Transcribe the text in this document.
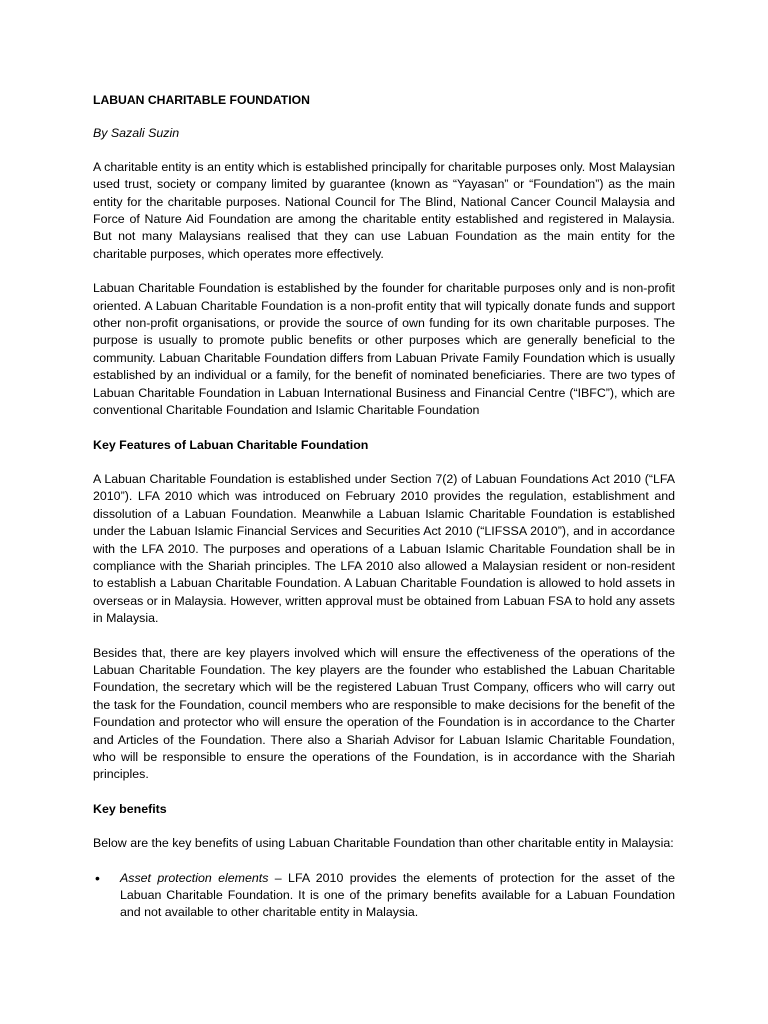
LABUAN CHARITABLE FOUNDATION
By Sazali Suzin

A charitable entity is an entity which is established principally for charitable purposes only. Most Malaysian used trust, society or company limited by guarantee (known as “Yayasan” or “Foundation”) as the main entity for the charitable purposes. National Council for The Blind, National Cancer Council Malaysia and Force of Nature Aid Foundation are among the charitable entity established and registered in Malaysia. But not many Malaysians realised that they can use Labuan Foundation as the main entity for the charitable purposes, which operates more effectively.

Labuan Charitable Foundation is established by the founder for charitable purposes only and is non-profit oriented. A Labuan Charitable Foundation is a non-profit entity that will typically donate funds and support other non-profit organisations, or provide the source of own funding for its own charitable purposes. The purpose is usually to promote public benefits or other purposes which are generally beneficial to the community. Labuan Charitable Foundation differs from Labuan Private Family Foundation which is usually established by an individual or a family, for the benefit of nominated beneficiaries. There are two types of Labuan Charitable Foundation in Labuan International Business and Financial Centre (“IBFC”), which are conventional Charitable Foundation and Islamic Charitable Foundation

Key Features of Labuan Charitable Foundation

A Labuan Charitable Foundation is established under Section 7(2) of Labuan Foundations Act 2010 (“LFA 2010”). LFA 2010 which was introduced on February 2010 provides the regulation, establishment and dissolution of a Labuan Foundation. Meanwhile a Labuan Islamic Charitable Foundation is established under the Labuan Islamic Financial Services and Securities Act 2010 (“LIFSSA 2010”), and in accordance with the LFA 2010. The purposes and operations of a Labuan Islamic Charitable Foundation shall be in compliance with the Shariah principles. The LFA 2010 also allowed a Malaysian resident or non-resident to establish a Labuan Charitable Foundation. A Labuan Charitable Foundation is allowed to hold assets in overseas or in Malaysia. However, written approval must be obtained from Labuan FSA to hold any assets in Malaysia.

Besides that, there are key players involved which will ensure the effectiveness of the operations of the Labuan Charitable Foundation. The key players are the founder who established the Labuan Charitable Foundation, the secretary which will be the registered Labuan Trust Company, officers who will carry out the task for the Foundation, council members who are responsible to make decisions for the benefit of the Foundation and protector who will ensure the operation of the Foundation is in accordance to the Charter and Articles of the Foundation. There also a Shariah Advisor for Labuan Islamic Charitable Foundation, who will be responsible to ensure the operations of the Foundation, is in accordance with the Shariah principles.

Key benefits

Below are the key benefits of using Labuan Charitable Foundation than other charitable entity in Malaysia:

• Asset protection elements – LFA 2010 provides the elements of protection for the asset of the Labuan Charitable Foundation. It is one of the primary benefits available for a Labuan Foundation and not available to other charitable entity in Malaysia.
